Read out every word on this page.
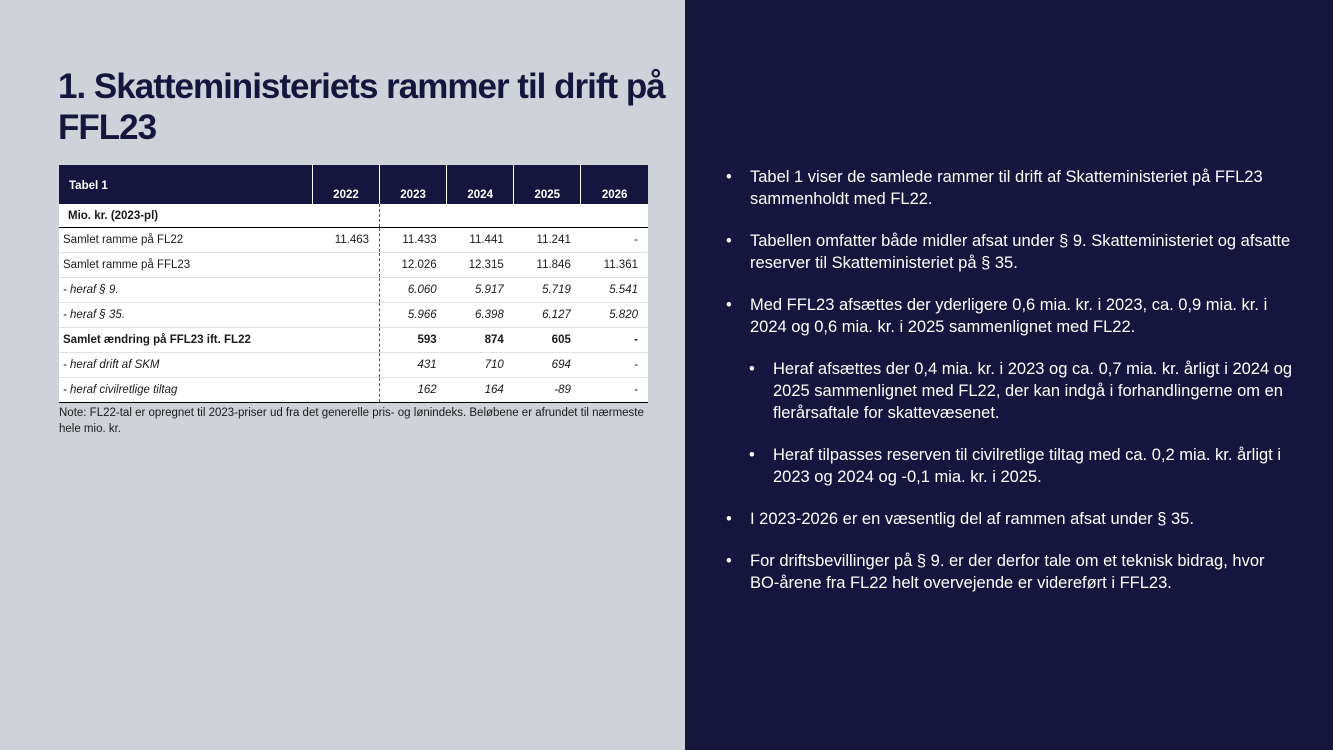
1. Skatteministeriets rammer til drift på FFL23
Tabel 1	2022	2023	2024	2025	2026
Mio. kr. (2023-pl)					
Samlet ramme på FL22	11.463	11.433	11.441	11.241	-
Samlet ramme på FFL23		12.026	12.315	11.846	11.361
- heraf § 9.		6.060	5.917	5.719	5.541
- heraf § 35.		5.966	6.398	6.127	5.820
Samlet ændring på FFL23 ift. FL22		593	874	605	-
- heraf drift af SKM		431	710	694	-
- heraf civilretlige tiltag		162	164	-89	-

Note: FL22-tal er opregnet til 2023-priser ud fra det generelle pris- og lønindeks. Beløbene er afrundet til nærmeste hele mio. kr.

• Tabel 1 viser de samlede rammer til drift af Skatteministeriet på FFL23 sammenholdt med FL22.
• Tabellen omfatter både midler afsat under § 9. Skatteministeriet og afsatte reserver til Skatteministeriet på § 35.
• Med FFL23 afsættes der yderligere 0,6 mia. kr. i 2023, ca. 0,9 mia. kr. i 2024 og 0,6 mia. kr. i 2025 sammenlignet med FL22.
• Heraf afsættes der 0,4 mia. kr. i 2023 og ca. 0,7 mia. kr. årligt i 2024 og 2025 sammenlignet med FL22, der kan indgå i forhandlingerne om en flerårsaftale for skattevæsenet.
• Heraf tilpasses reserven til civilretlige tiltag med ca. 0,2 mia. kr. årligt i 2023 og 2024 og -0,1 mia. kr. i 2025.
• I 2023-2026 er en væsentlig del af rammen afsat under § 35.
• For driftsbevillinger på § 9. er der derfor tale om et teknisk bidrag, hvor BO-årene fra FL22 helt overvejende er videreført i FFL23.
